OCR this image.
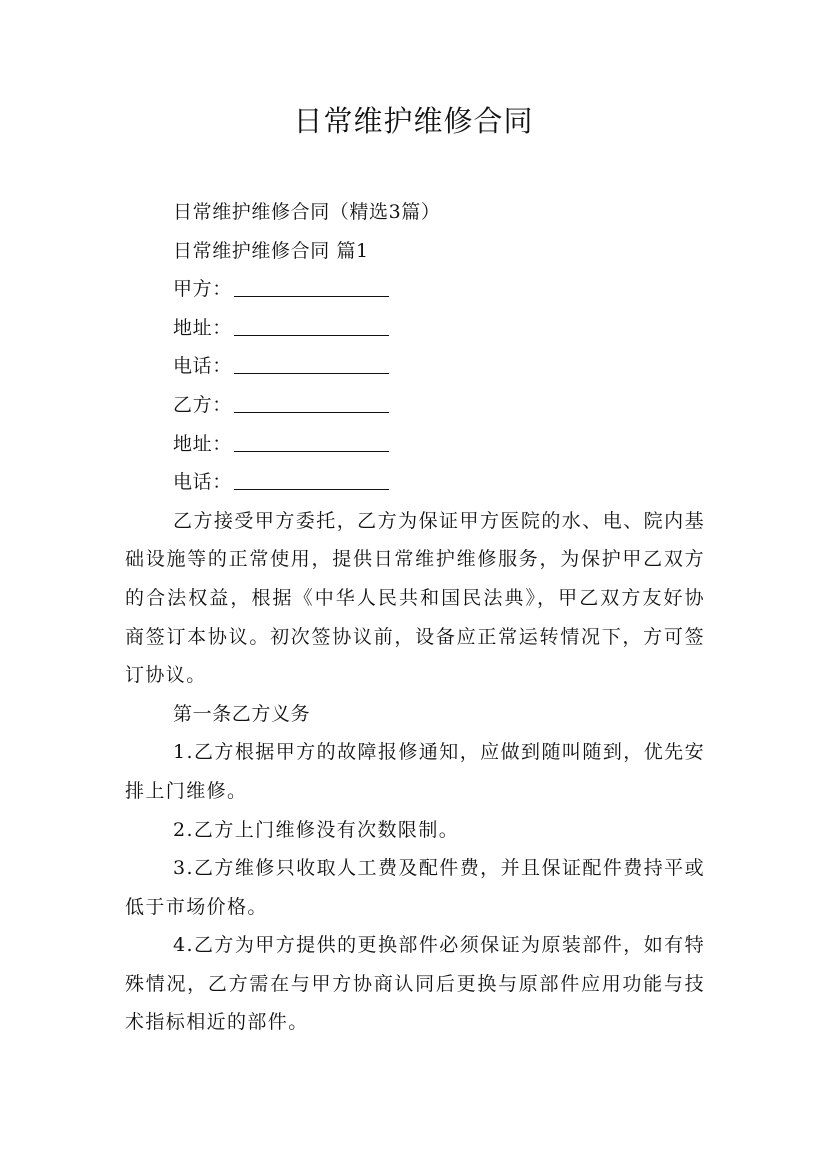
日常维护维修合同
日常维护维修合同（精选3篇）
日常维护维修合同 篇1
甲方：
地址：
电话：
乙方：
地址：
电话：

乙方接受甲方委托，乙方为保证甲方医院的水、电、院内基础设施等的正常使用，提供日常维护维修服务，为保护甲乙双方的合法权益，根据《中华人民共和国民法典》，甲乙双方友好协商签订本协议。初次签协议前，设备应正常运转情况下，方可签订协议。

第一条乙方义务

1.乙方根据甲方的故障报修通知，应做到随叫随到，优先安排上门维修。

2.乙方上门维修没有次数限制。

3.乙方维修只收取人工费及配件费，并且保证配件费持平或低于市场价格。

4.乙方为甲方提供的更换部件必须保证为原装部件，如有特殊情况，乙方需在与甲方协商认同后更换与原部件应用功能与技术指标相近的部件。
